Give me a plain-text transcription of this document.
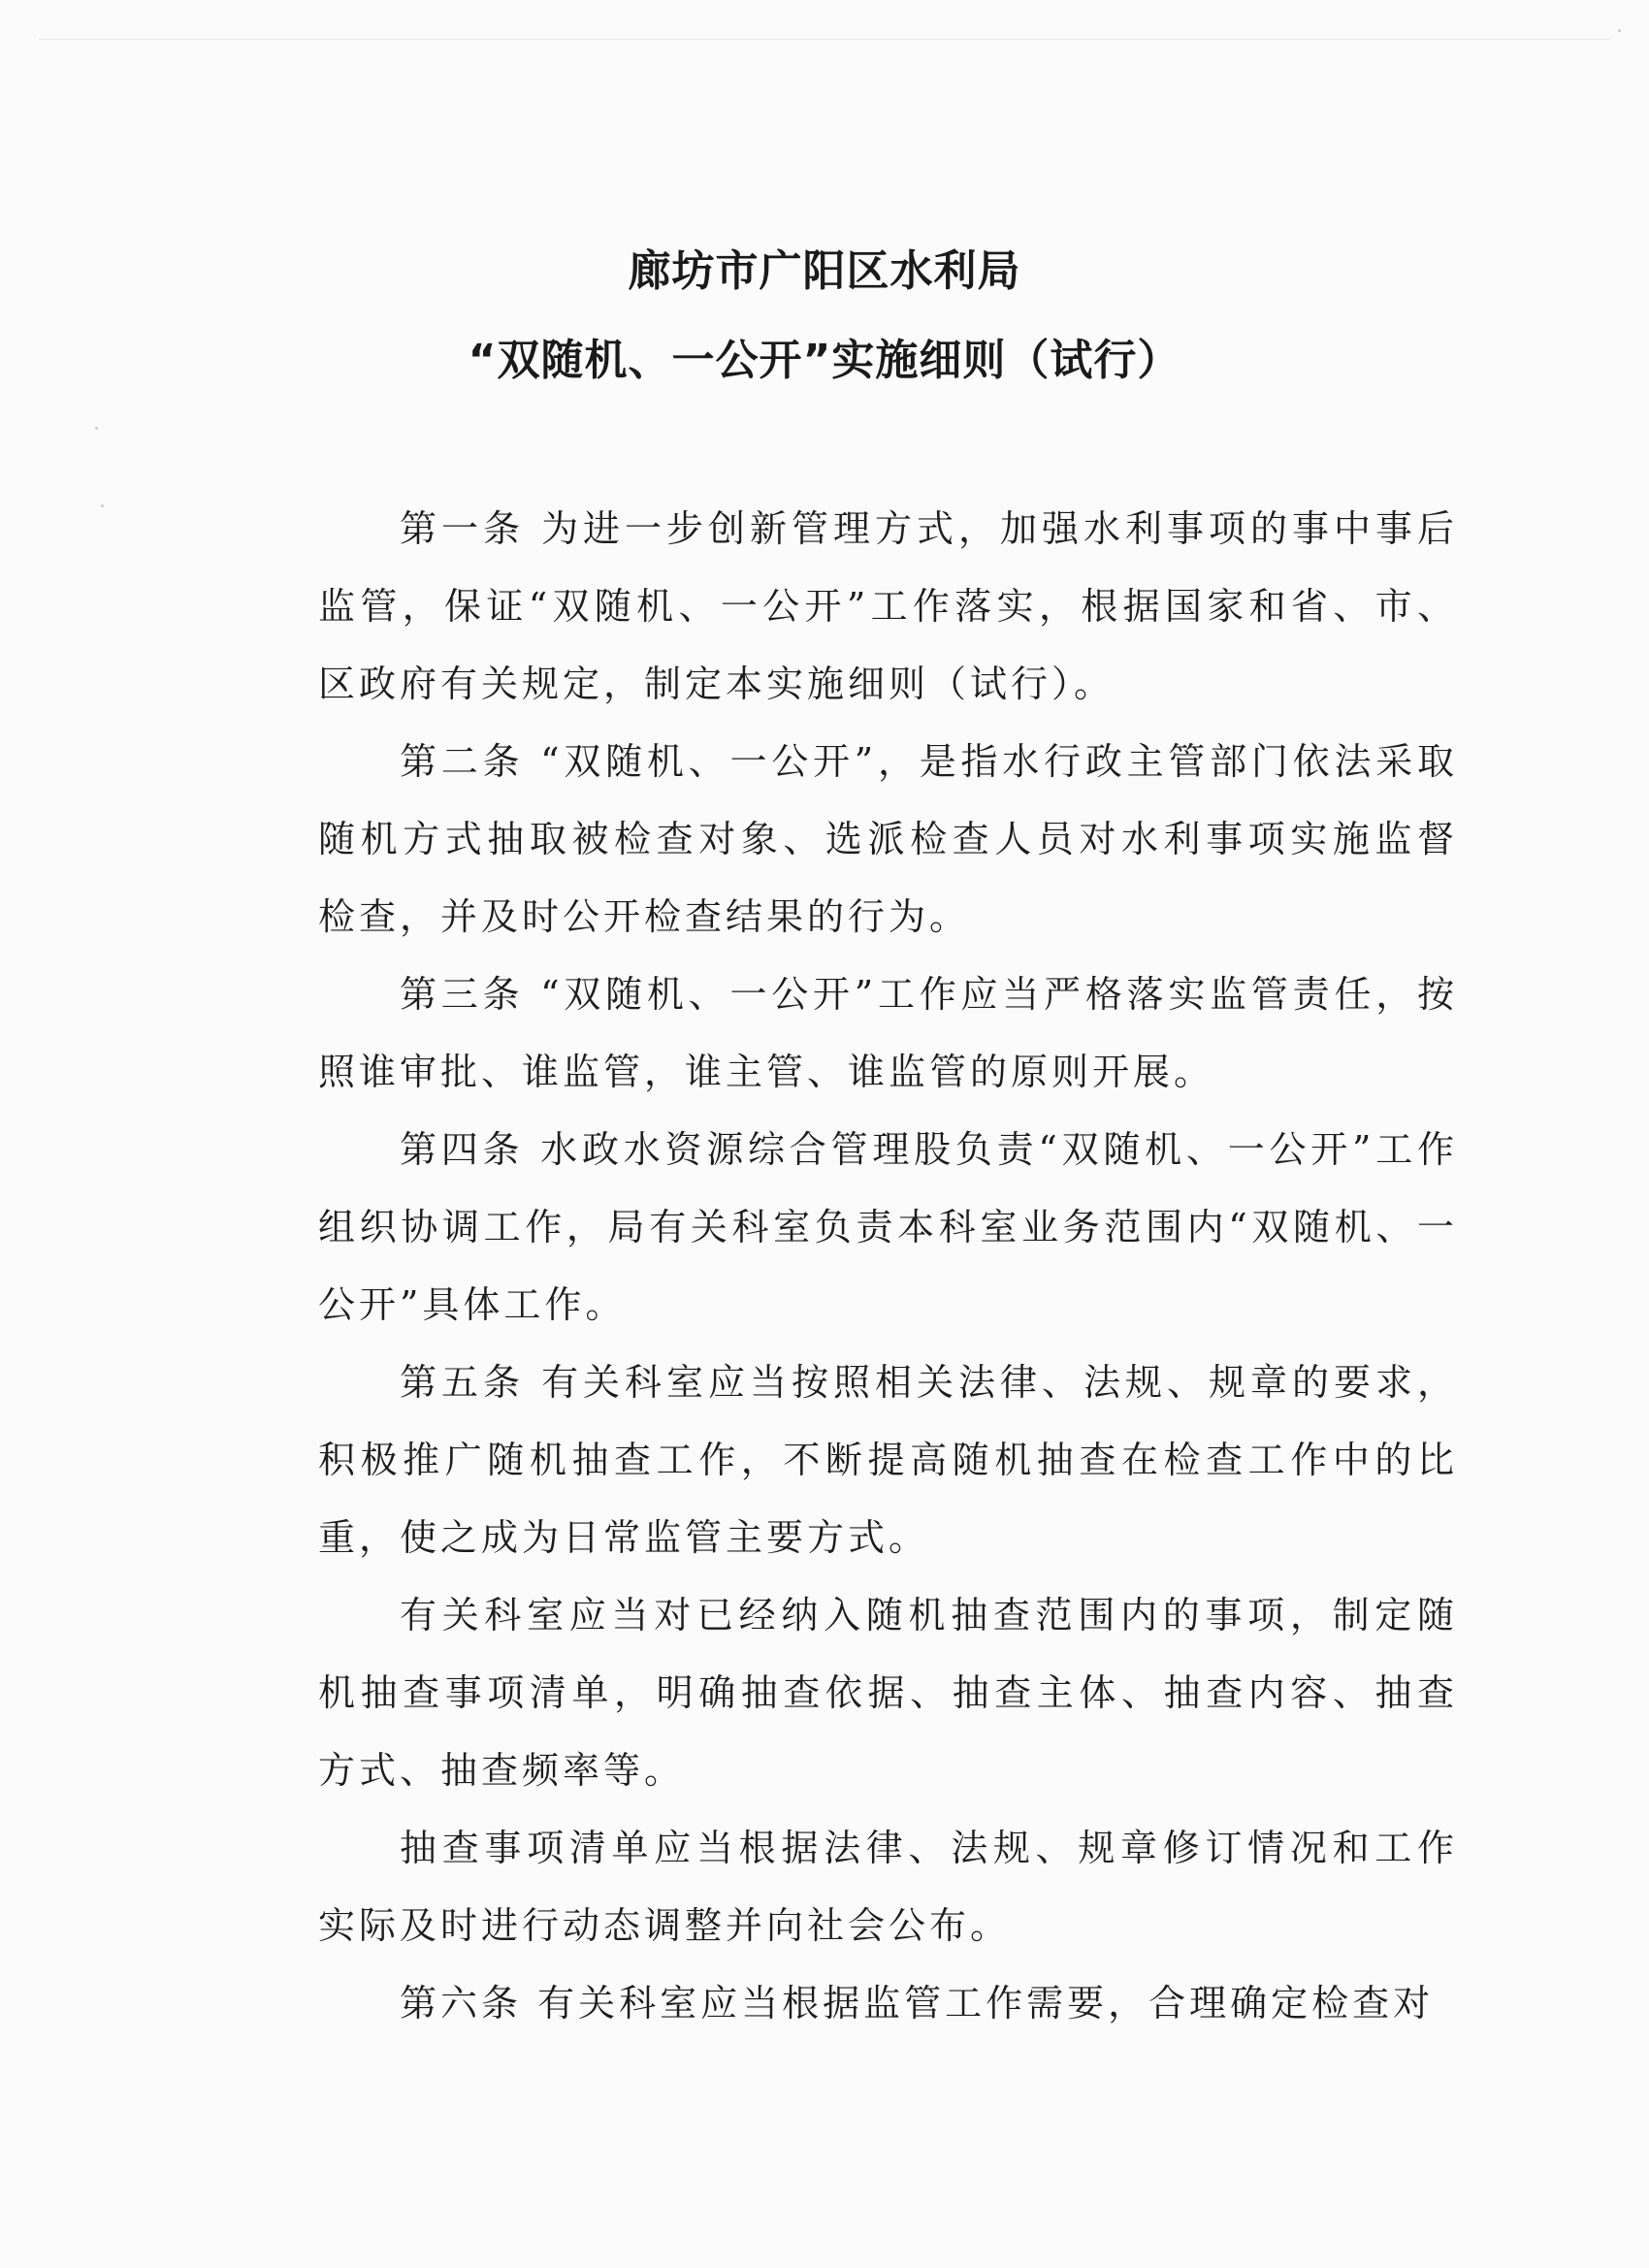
廊坊市广阳区水利局
“双随机、一公开”实施细则（试行）

第一条 为进一步创新管理方式，加强水利事项的事中事后监管，保证“双随机、一公开”工作落实，根据国家和省、市、区政府有关规定，制定本实施细则（试行）。

第二条 “双随机、一公开”，是指水行政主管部门依法采取随机方式抽取被检查对象、选派检查人员对水利事项实施监督检查，并及时公开检查结果的行为。

第三条 “双随机、一公开”工作应当严格落实监管责任，按照谁审批、谁监管，谁主管、谁监管的原则开展。

第四条 水政水资源综合管理股负责“双随机、一公开”工作组织协调工作，局有关科室负责本科室业务范围内“双随机、一公开”具体工作。

第五条 有关科室应当按照相关法律、法规、规章的要求，积极推广随机抽查工作，不断提高随机抽查在检查工作中的比重，使之成为日常监管主要方式。

有关科室应当对已经纳入随机抽查范围内的事项，制定随机抽查事项清单，明确抽查依据、抽查主体、抽查内容、抽查方式、抽查频率等。

抽查事项清单应当根据法律、法规、规章修订情况和工作实际及时进行动态调整并向社会公布。

第六条 有关科室应当根据监管工作需要，合理确定检查对
